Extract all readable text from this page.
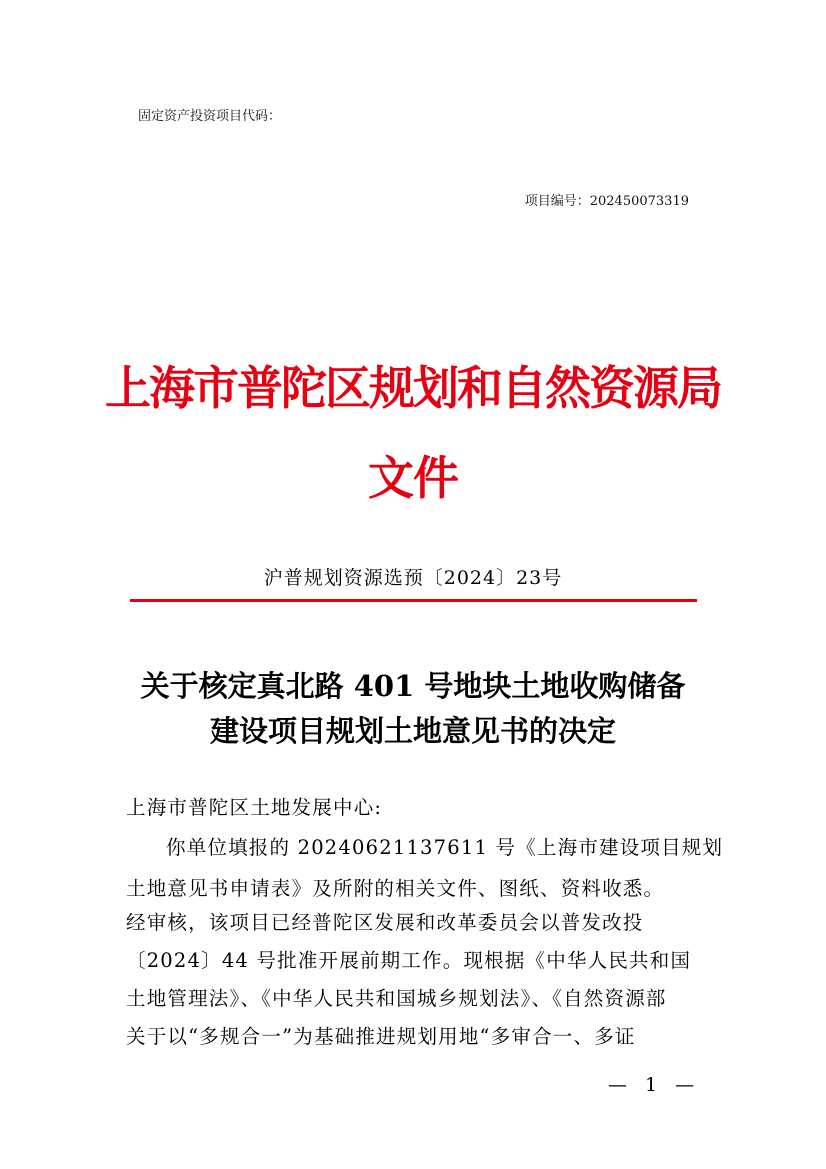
固定资产投资项目代码：
项目编号：202450073319
上海市普陀区规划和自然资源局
文件
沪普规划资源选预〔2024〕23号
关于核定真北路 401 号地块土地收购储备
建设项目规划土地意见书的决定
上海市普陀区土地发展中心:
你单位填报的 20240621137611 号《上海市建设项目规划
土地意见书申请表》及所附的相关文件、图纸、资料收悉。
经审核，该项目已经普陀区发展和改革委员会以普发改投
〔2024〕44 号批准开展前期工作。现根据《中华人民共和国
土地管理法》、《中华人民共和国城乡规划法》、《自然资源部
关于以“多规合一”为基础推进规划用地“多审合一、多证
— 1 —
